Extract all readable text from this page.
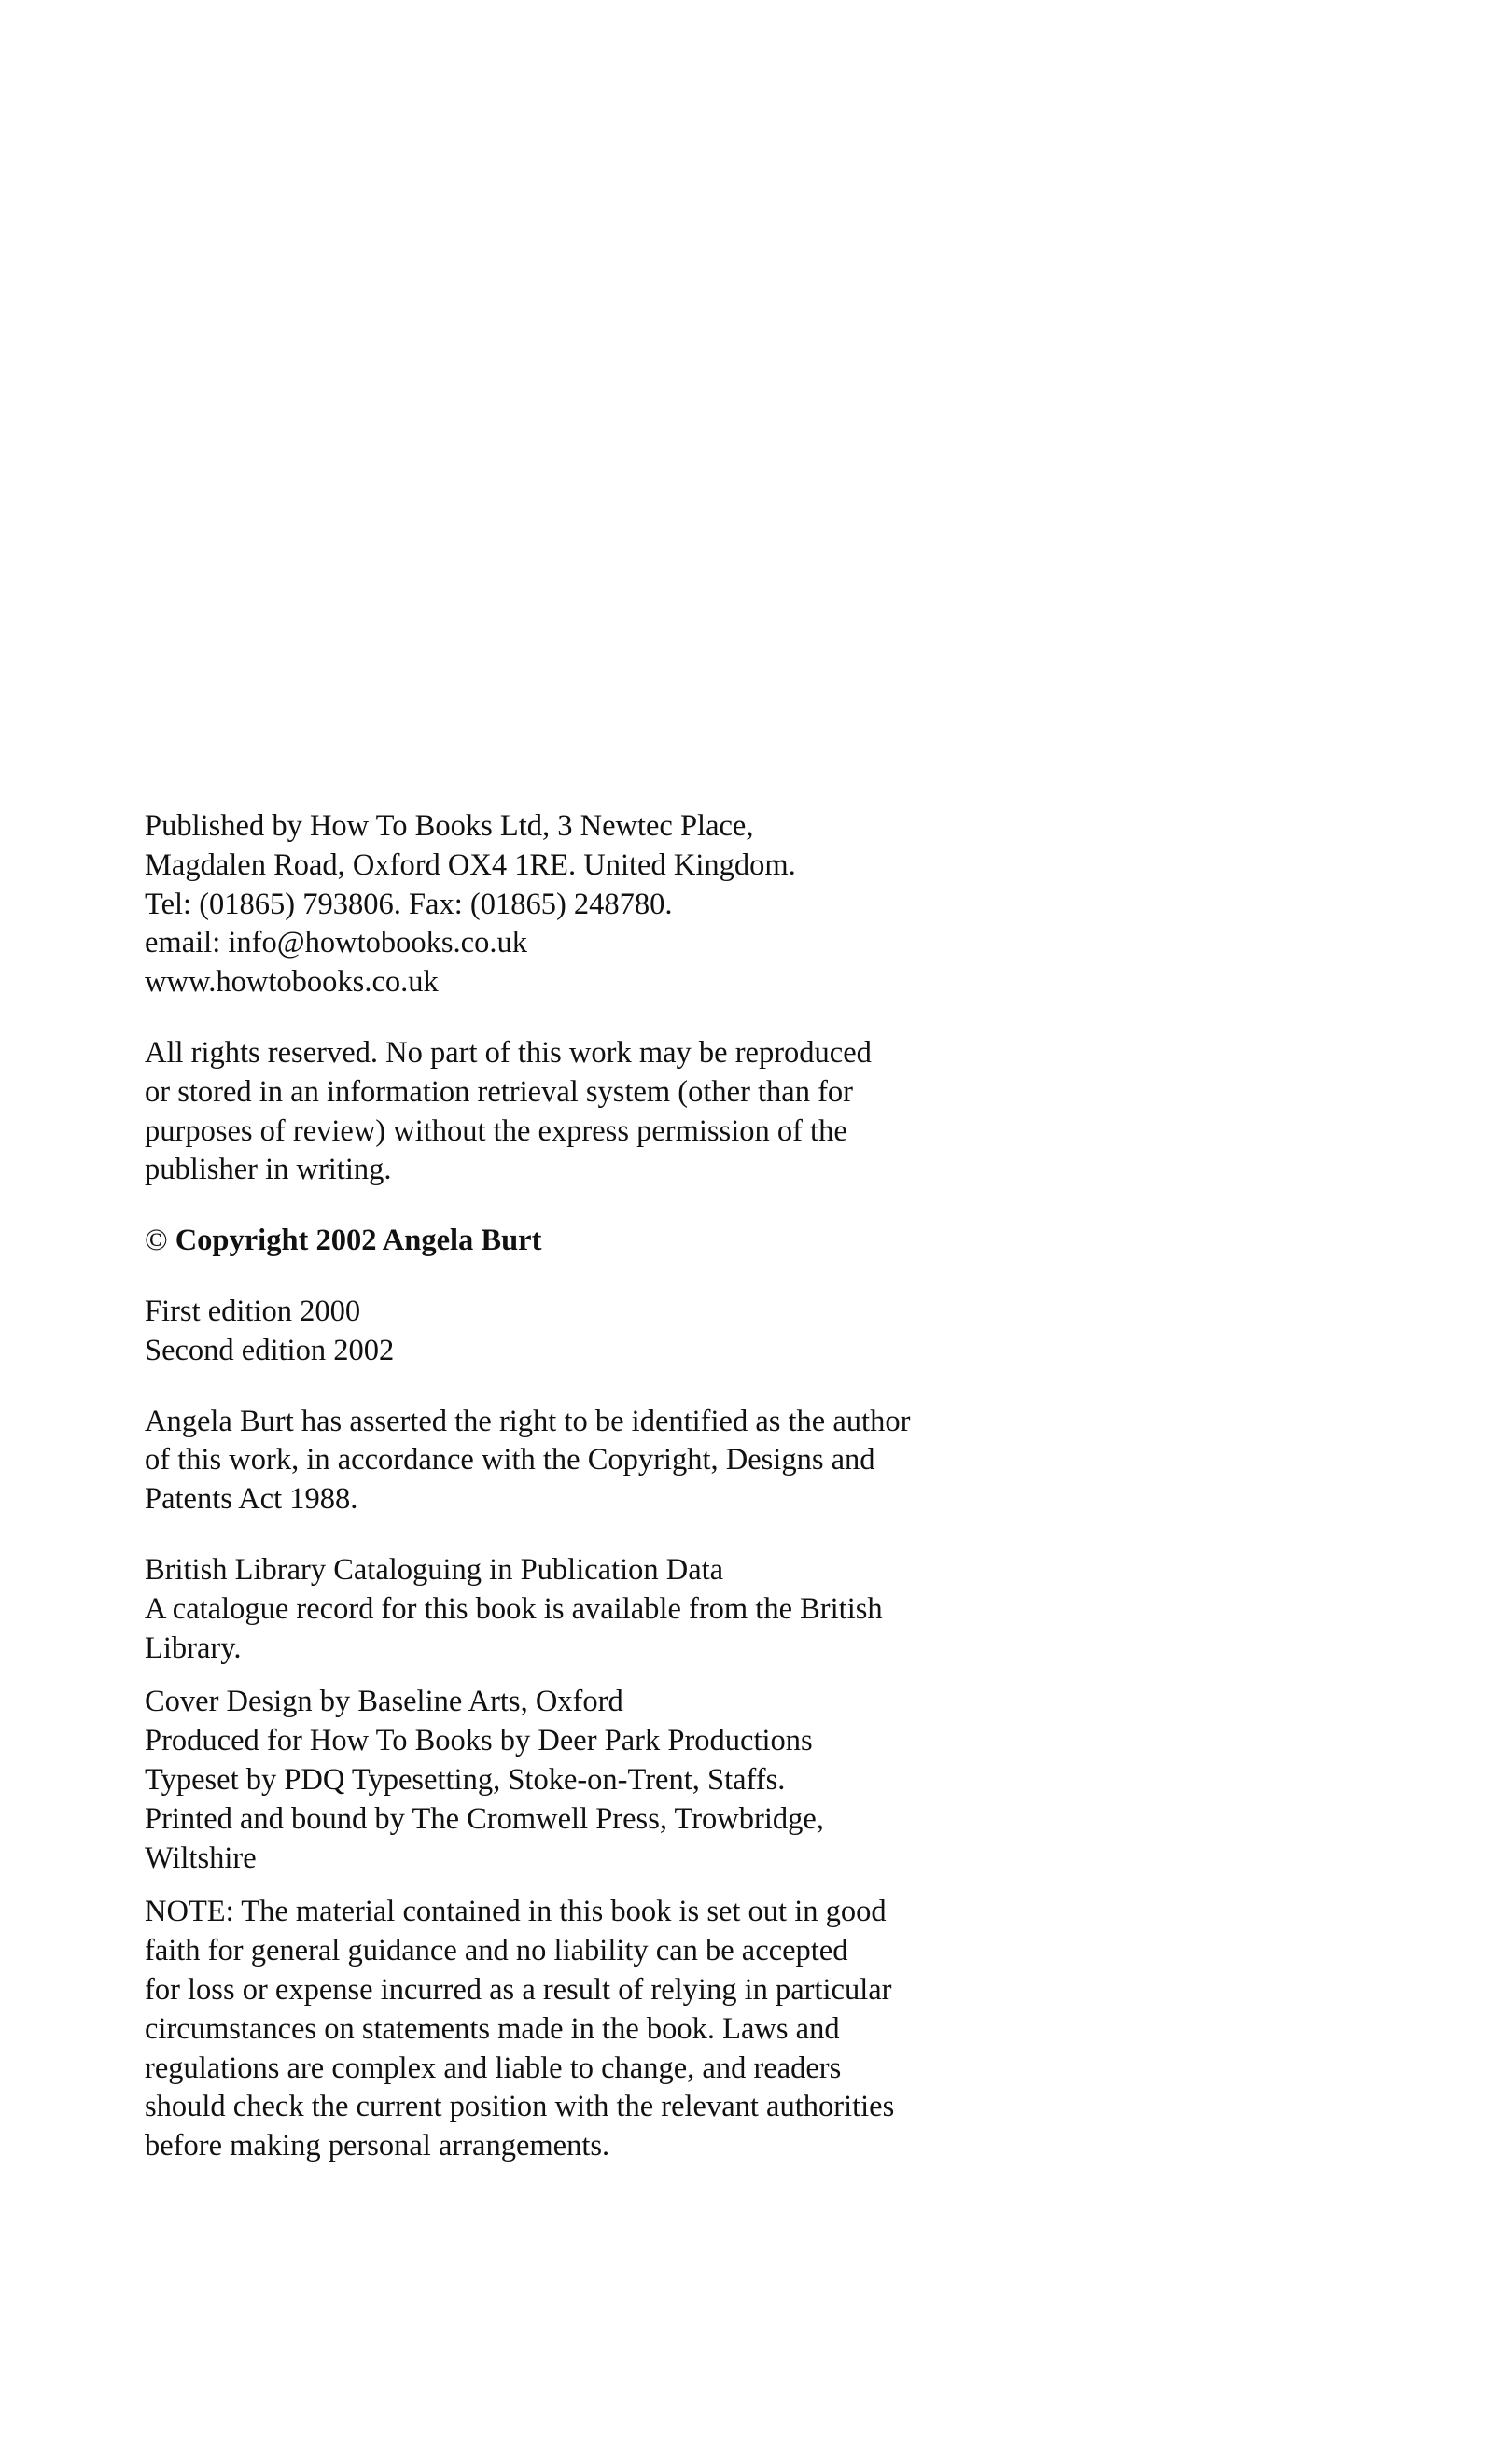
Published by How To Books Ltd, 3 Newtec Place,
Magdalen Road, Oxford OX4 1RE. United Kingdom.
Tel: (01865) 793806. Fax: (01865) 248780.
email: info@howtobooks.co.uk
www.howtobooks.co.uk

All rights reserved. No part of this work may be reproduced
or stored in an information retrieval system (other than for
purposes of review) without the express permission of the
publisher in writing.

© Copyright 2002 Angela Burt

First edition 2000
Second edition 2002

Angela Burt has asserted the right to be identified as the author
of this work, in accordance with the Copyright, Designs and
Patents Act 1988.

British Library Cataloguing in Publication Data
A catalogue record for this book is available from the British
Library.

Cover Design by Baseline Arts, Oxford
Produced for How To Books by Deer Park Productions
Typeset by PDQ Typesetting, Stoke-on-Trent, Staffs.
Printed and bound by The Cromwell Press, Trowbridge,
Wiltshire

NOTE: The material contained in this book is set out in good
faith for general guidance and no liability can be accepted
for loss or expense incurred as a result of relying in particular
circumstances on statements made in the book. Laws and
regulations are complex and liable to change, and readers
should check the current position with the relevant authorities
before making personal arrangements.
